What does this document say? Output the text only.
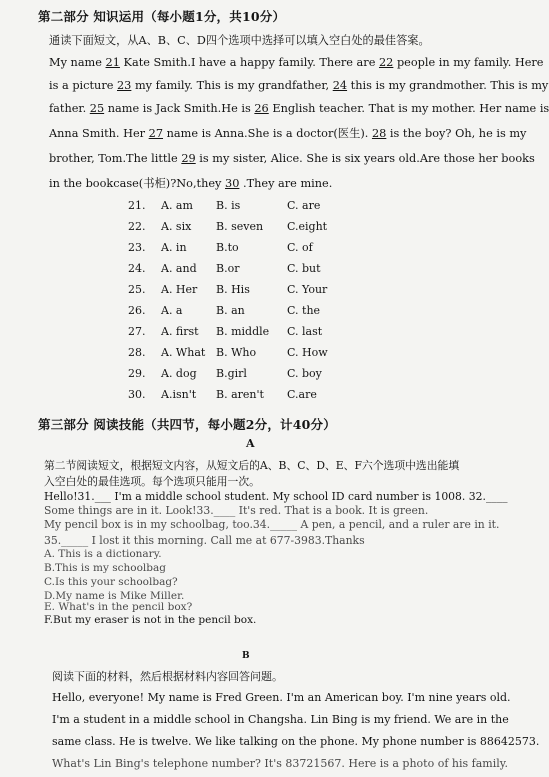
第二部分 知识运用（每小题1分，共10分）
通读下面短文，从A、B、C、D四个选项中选择可以填入空白处的最佳答案。
My name 21 Kate Smith.I have a happy family. There are 22 people in my family. Here
is a picture 23 my family. This is my grandfather, 24 this is my grandmother. This is my
father. 25 name is Jack Smith.He is 26 English teacher. That is my mother. Her name is
Anna Smith. Her 27 name is Anna.She is a doctor(医生). 28 is the boy? Oh, he is my
brother, Tom.The little 29 is my sister, Alice. She is six years old.Are those her books
in the bookcase(书柜)?No,they 30 .They are mine.
21. A. am B. is	C. are
22. A. six B. seven C.eight
23. A. in	B.to	C. of
24. A. and B.or	C. but
25. A. Her B. His	C. Your
26. A. a	B. an	C. the
27. A. first B. middle C. last
28. A. What B. Who	C. How
29. A. dog B.girl	C. boy
30. A.isn't B. aren't C.are
第三部分 阅读技能（共四节，每小题2分，计40分）
A
第二节阅读短文，根据短文内容，从短文后的A、B、C、D、E、F六个选项中选出能填
入空白处的最佳选项。每个选项只能用一次。
Hello!31.___ I'm a middle school student. My school ID card number is 1008. 32.____
Some things are in it. Look!33.____ It's red. That is a book. It is green.
My pencil box is in my schoolbag, too.34._____ A pen, a pencil, and a ruler are in it.
35._____ I lost it this morning. Call me at 677-3983.Thanks
A. This is a dictionary.
B.This is my schoolbag
C.Is this your schoolbag?
D.My name is Mike Miller.
E. What's in the pencil box?
F.But my eraser is not in the pencil box.
B
阅读下面的材料，然后根据材料内容回答问题。
Hello, everyone! My name is Fred Green. I'm an American boy. I'm nine years old.
I'm a student in a middle school in Changsha. Lin Bing is my friend. We are in the
same class. He is twelve. We like talking on the phone. My phone number is 88642573.
What's Lin Bing's telephone number? It's 83721567. Here is a photo of his family.
